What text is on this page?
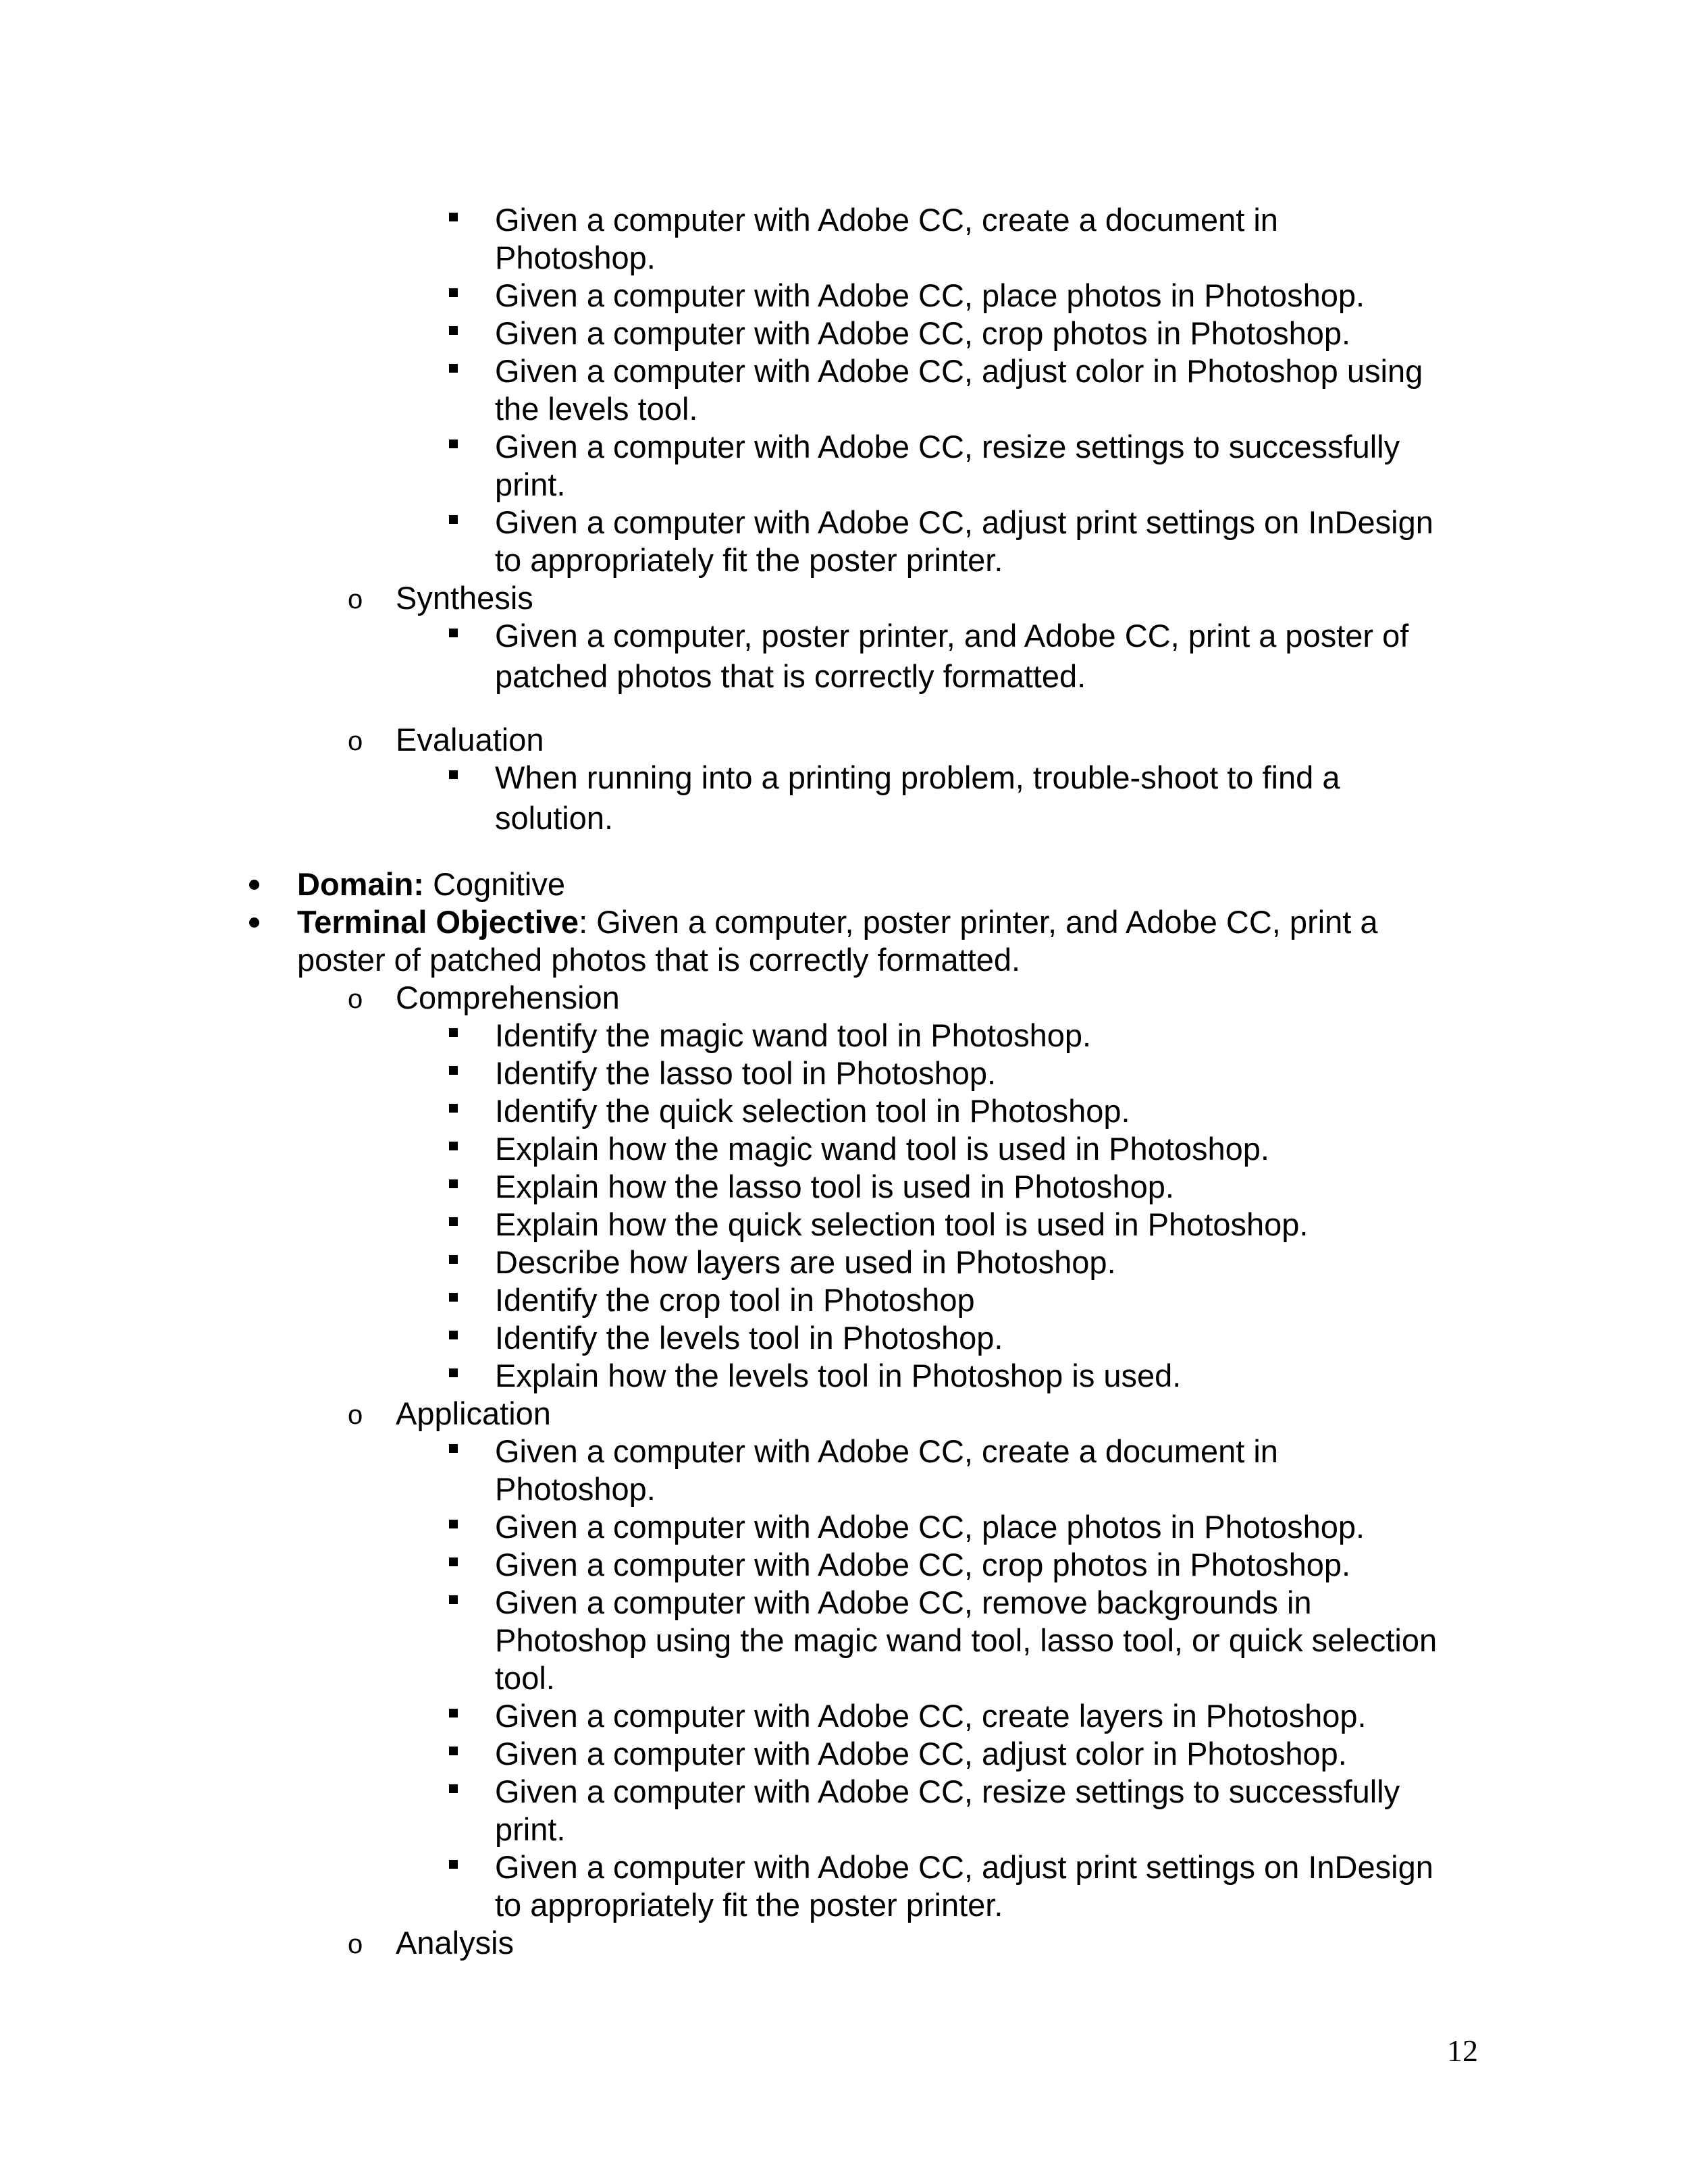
Given a computer with Adobe CC, create a document in
Photoshop.
Given a computer with Adobe CC, place photos in Photoshop.
Given a computer with Adobe CC, crop photos in Photoshop.
Given a computer with Adobe CC, adjust color in Photoshop using
the levels tool.
Given a computer with Adobe CC, resize settings to successfully
print.
Given a computer with Adobe CC, adjust print settings on InDesign
to appropriately fit the poster printer.
o Synthesis
Given a computer, poster printer, and Adobe CC, print a poster of
patched photos that is correctly formatted.
o Evaluation
When running into a printing problem, trouble-shoot to find a
solution.
Domain: Cognitive
Terminal Objective: Given a computer, poster printer, and Adobe CC, print a
poster of patched photos that is correctly formatted.
o Comprehension
Identify the magic wand tool in Photoshop.
Identify the lasso tool in Photoshop.
Identify the quick selection tool in Photoshop.
Explain how the magic wand tool is used in Photoshop.
Explain how the lasso tool is used in Photoshop.
Explain how the quick selection tool is used in Photoshop.
Describe how layers are used in Photoshop.
Identify the crop tool in Photoshop
Identify the levels tool in Photoshop.
Explain how the levels tool in Photoshop is used.
o Application
Given a computer with Adobe CC, create a document in
Photoshop.
Given a computer with Adobe CC, place photos in Photoshop.
Given a computer with Adobe CC, crop photos in Photoshop.
Given a computer with Adobe CC, remove backgrounds in
Photoshop using the magic wand tool, lasso tool, or quick selection
tool.
Given a computer with Adobe CC, create layers in Photoshop.
Given a computer with Adobe CC, adjust color in Photoshop.
Given a computer with Adobe CC, resize settings to successfully
print.
Given a computer with Adobe CC, adjust print settings on InDesign
to appropriately fit the poster printer.
o Analysis
12
